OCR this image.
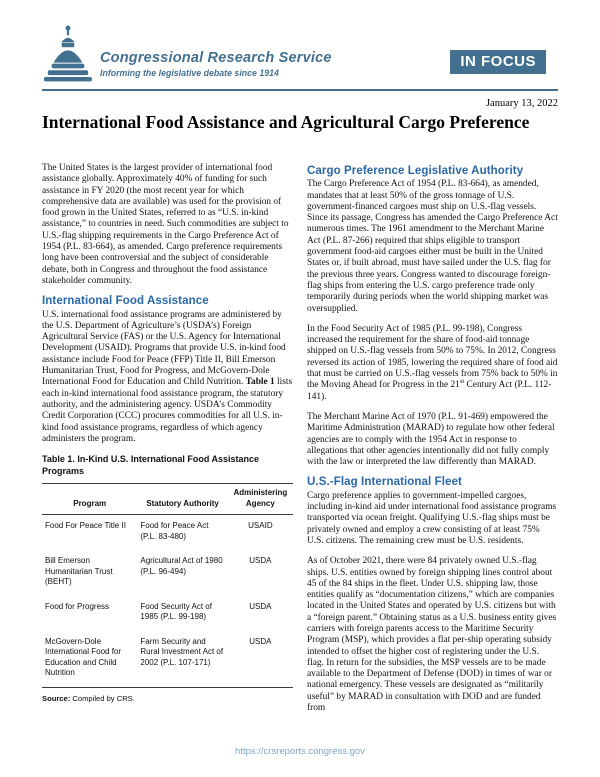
Congressional Research Service
Informing the legislative debate since 1914
IN FOCUS
January 13, 2022
International Food Assistance and Agricultural Cargo Preference

The United States is the largest provider of international food assistance globally. Approximately 40% of funding for such assistance in FY 2020 (the most recent year for which comprehensive data are available) was used for the provision of food grown in the United States, referred to as “U.S. in-kind assistance,” to countries in need. Such commodities are subject to U.S.-flag shipping requirements in the Cargo Preference Act of 1954 (P.L. 83-664), as amended. Cargo preference requirements long have been controversial and the subject of considerable debate, both in Congress and throughout the food assistance stakeholder community.

International Food Assistance

U.S. international food assistance programs are administered by the U.S. Department of Agriculture’s (USDA’s) Foreign Agricultural Service (FAS) or the U.S. Agency for International Development (USAID). Programs that provide U.S. in-kind food assistance include Food for Peace (FFP) Title II, Bill Emerson Humanitarian Trust, Food for Progress, and McGovern-Dole International Food for Education and Child Nutrition. Table 1 lists each in-kind international food assistance program, the statutory authority, and the administering agency. USDA’s Commodity Credit Corporation (CCC) procures commodities for all U.S. in-kind food assistance programs, regardless of which agency administers the program.

Table 1. In-Kind U.S. International Food Assistance Programs
Program	Statutory Authority	Administering Agency
Food For Peace Title II	Food for Peace Act (P.L. 83-480)	USAID
Bill Emerson Humanitarian Trust (BEHT)	Agricultural Act of 1980 (P.L. 96-494)	USDA
Food for Progress	Food Security Act of 1985 (P.L. 99-198)	USDA
McGovern-Dole International Food for Education and Child Nutrition	Farm Security and Rural Investment Act of 2002 (P.L. 107-171)	USDA
Source: Compiled by CRS.
Cargo Preference Legislative Authority

The Cargo Preference Act of 1954 (P.L. 83-664), as amended, mandates that at least 50% of the gross tonnage of U.S. government-financed cargoes must ship on U.S.-flag vessels. Since its passage, Congress has amended the Cargo Preference Act numerous times. The 1961 amendment to the Merchant Marine Act (P.L. 87-266) required that ships eligible to transport government food-aid cargoes either must be built in the United States or, if built abroad, must have sailed under the U.S. flag for the previous three years. Congress wanted to discourage foreign-flag ships from entering the U.S. cargo preference trade only temporarily during periods when the world shipping market was oversupplied.

In the Food Security Act of 1985 (P.L. 99-198), Congress increased the requirement for the share of food-aid tonnage shipped on U.S.-flag vessels from 50% to 75%. In 2012, Congress reversed its action of 1985, lowering the required share of food aid that must be carried on U.S.-flag vessels from 75% back to 50% in the Moving Ahead for Progress in the 21st Century Act (P.L. 112-141).

The Merchant Marine Act of 1970 (P.L. 91-469) empowered the Maritime Administration (MARAD) to regulate how other federal agencies are to comply with the 1954 Act in response to allegations that other agencies intentionally did not fully comply with the law or interpreted the law differently than MARAD.

U.S.-Flag International Fleet

Cargo preference applies to government-impelled cargoes, including in-kind aid under international food assistance programs transported via ocean freight. Qualifying U.S.-flag ships must be privately owned and employ a crew consisting of at least 75% U.S. citizens. The remaining crew must be U.S. residents.

As of October 2021, there were 84 privately owned U.S.-flag ships. U.S. entities owned by foreign shipping lines control about 45 of the 84 ships in the fleet. Under U.S. shipping law, those entities qualify as “documentation citizens,” which are companies located in the United States and operated by U.S. citizens but with a “foreign parent.” Obtaining status as a U.S. business entity gives carriers with foreign parents access to the Maritime Security Program (MSP), which provides a flat per-ship operating subsidy intended to offset the higher cost of registering under the U.S. flag. In return for the subsidies, the MSP vessels are to be made available to the Department of Defense (DOD) in times of war or national emergency. These vessels are designated as “militarily useful” by MARAD in consultation with DOD and are funded from

https://crsreports.congress.gov
